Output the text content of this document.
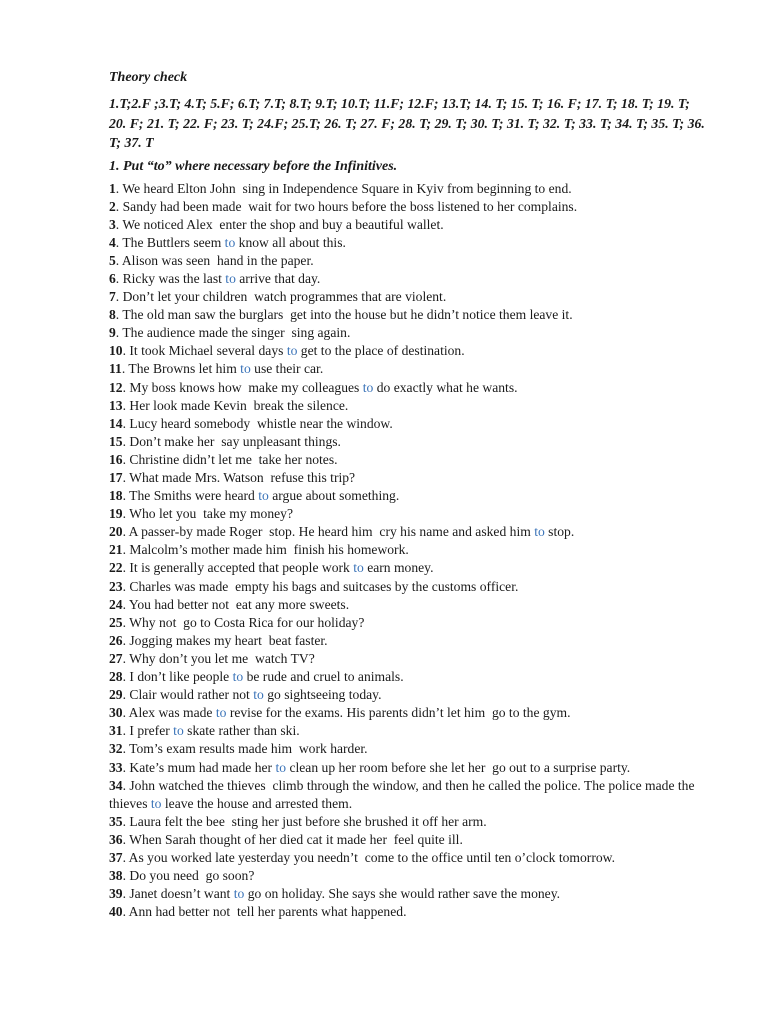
Theory check
1.T;2.F ;3.T; 4.T; 5.F; 6.T; 7.T; 8.T; 9.T; 10.T; 11.F; 12.F; 13.T; 14. T; 15. T; 16. F; 17. T; 18. T; 19. T; 20. F; 21. T; 22. F; 23. T; 24.F; 25.T; 26. T; 27. F; 28. T; 29. T; 30. T; 31. T; 32. T; 33. T; 34. T; 35. T; 36. T; 37. T
1. Put “to” where necessary before the Infinitives.
1. We heard Elton John  sing in Independence Square in Kyiv from beginning to end.
2. Sandy had been made  wait for two hours before the boss listened to her complains.
3. We noticed Alex  enter the shop and buy a beautiful wallet.
4. The Buttlers seem to know all about this.
5. Alison was seen  hand in the paper.
6. Ricky was the last to arrive that day.
7. Don’t let your children  watch programmes that are violent.
8. The old man saw the burglars  get into the house but he didn’t notice them leave it.
9. The audience made the singer  sing again.
10. It took Michael several days to get to the place of destination.
11. The Browns let him to use their car.
12. My boss knows how  make my colleagues to do exactly what he wants.
13. Her look made Kevin  break the silence.
14. Lucy heard somebody  whistle near the window.
15. Don’t make her  say unpleasant things.
16. Christine didn’t let me  take her notes.
17. What made Mrs. Watson  refuse this trip?
18. The Smiths were heard to argue about something.
19. Who let you  take my money?
20. A passer-by made Roger  stop. He heard him  cry his name and asked him to stop.
21. Malcolm’s mother made him  finish his homework.
22. It is generally accepted that people work to earn money.
23. Charles was made  empty his bags and suitcases by the customs officer.
24. You had better not  eat any more sweets.
25. Why not  go to Costa Rica for our holiday?
26. Jogging makes my heart  beat faster.
27. Why don’t you let me  watch TV?
28. I don’t like people to be rude and cruel to animals.
29. Clair would rather not to go sightseeing today.
30. Alex was made to revise for the exams. His parents didn’t let him  go to the gym.
31. I prefer to skate rather than ski.
32. Tom’s exam results made him  work harder.
33. Kate’s mum had made her to clean up her room before she let her  go out to a surprise party.
34. John watched the thieves  climb through the window, and then he called the police. The police made the thieves to leave the house and arrested them.
35. Laura felt the bee  sting her just before she brushed it off her arm.
36. When Sarah thought of her died cat it made her  feel quite ill.
37. As you worked late yesterday you needn’t  come to the office until ten o’clock tomorrow.
38. Do you need  go soon?
39. Janet doesn’t want to go on holiday. She says she would rather save the money.
40. Ann had better not  tell her parents what happened.
